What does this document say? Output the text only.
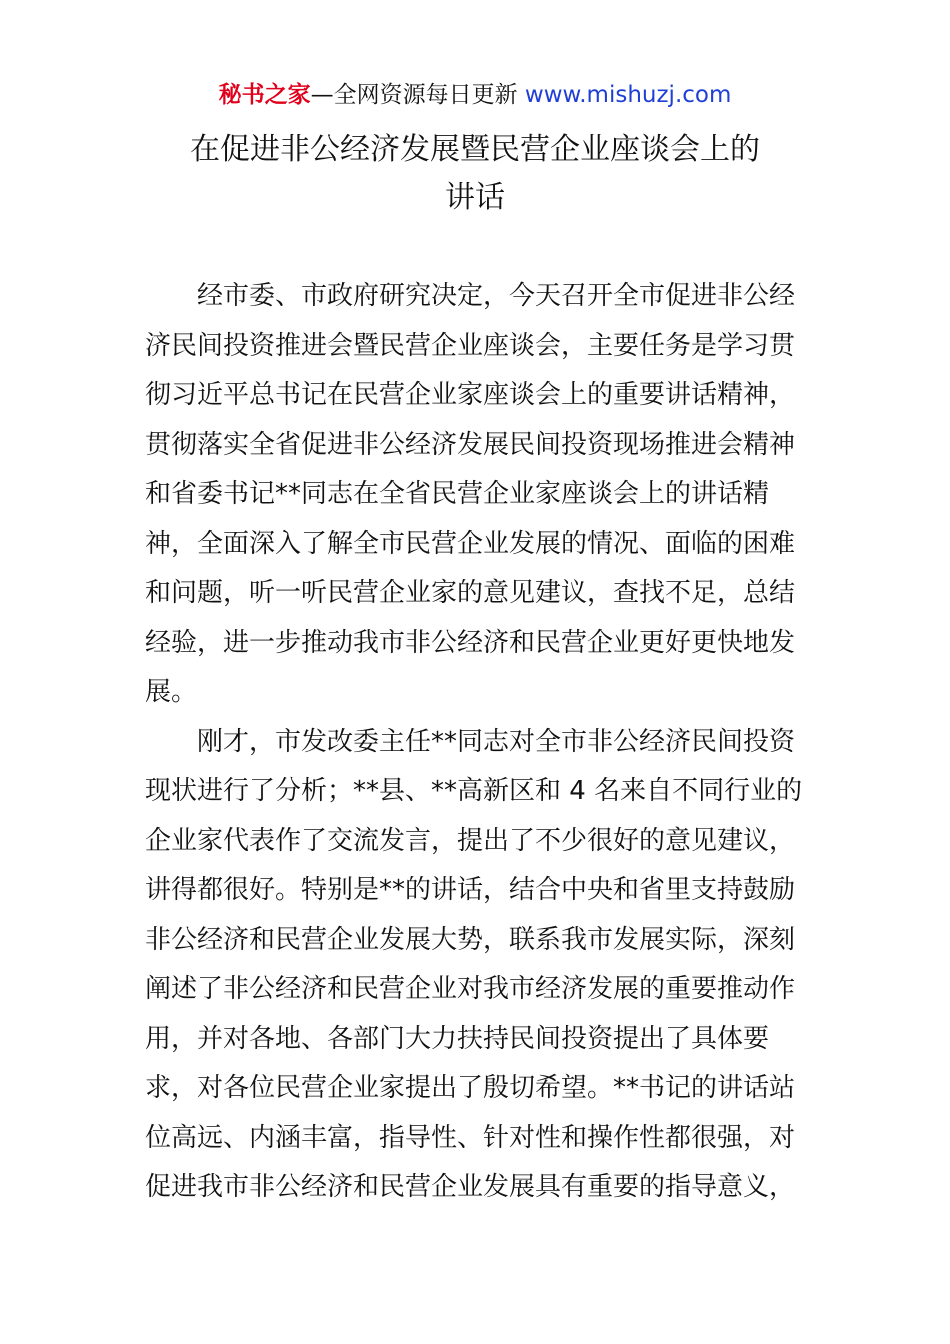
秘书之家—全网资源每日更新 www.mishuzj.com
在促进非公经济发展暨民营企业座谈会上的
讲话
经市委、市政府研究决定，今天召开全市促进非公经
济民间投资推进会暨民营企业座谈会，主要任务是学习贯
彻习近平总书记在民营企业家座谈会上的重要讲话精神，
贯彻落实全省促进非公经济发展民间投资现场推进会精神
和省委书记**同志在全省民营企业家座谈会上的讲话精
神，全面深入了解全市民营企业发展的情况、面临的困难
和问题，听一听民营企业家的意见建议，查找不足，总结
经验，进一步推动我市非公经济和民营企业更好更快地发
展。
刚才，市发改委主任**同志对全市非公经济民间投资
现状进行了分析；**县、**高新区和 4 名来自不同行业的
企业家代表作了交流发言，提出了不少很好的意见建议，
讲得都很好。特别是**的讲话，结合中央和省里支持鼓励
非公经济和民营企业发展大势，联系我市发展实际，深刻
阐述了非公经济和民营企业对我市经济发展的重要推动作
用，并对各地、各部门大力扶持民间投资提出了具体要
求，对各位民营企业家提出了殷切希望。**书记的讲话站
位高远、内涵丰富，指导性、针对性和操作性都很强，对
促进我市非公经济和民营企业发展具有重要的指导意义，
